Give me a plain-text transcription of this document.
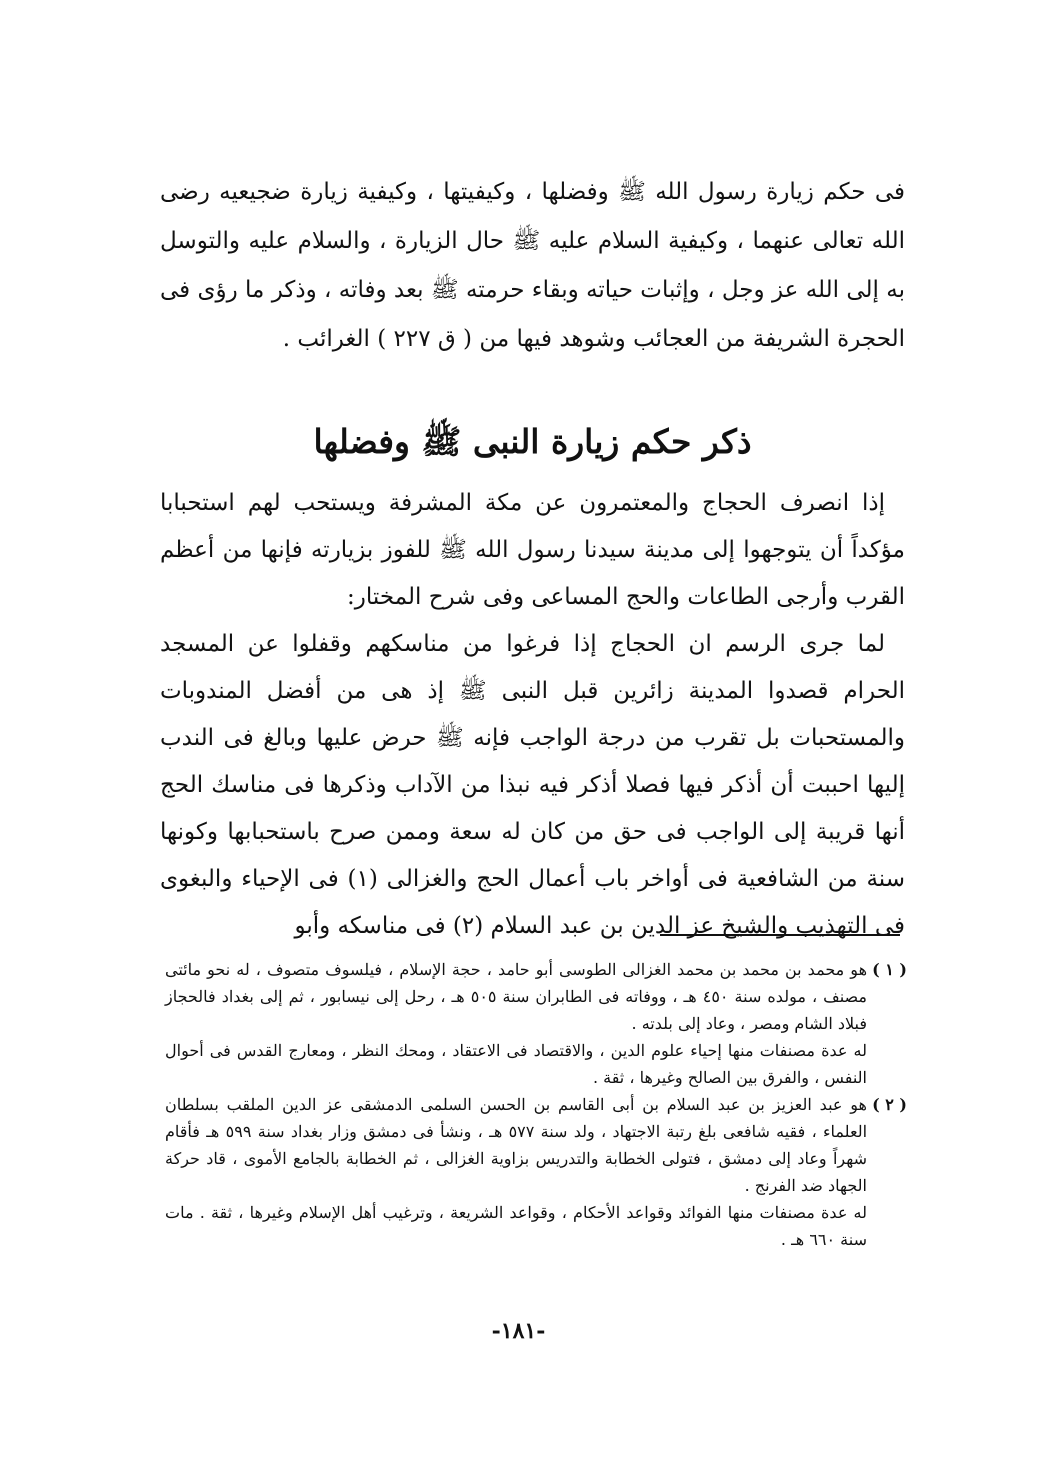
فى حكم زيارة رسول الله ﷺ وفضلها ، وكيفيتها ، وكيفية زيارة ضجيعيه رضى الله تعالى عنهما ، وكيفية السلام عليه ﷺ حال الزيارة ، والسلام عليه والتوسل به إلى الله عز وجل ، وإثبات حياته وبقاء حرمته ﷺ بعد وفاته ، وذكر ما رؤى فى الحجرة الشريفة من العجائب وشوهد فيها من ( ق ٢٢٧ ) الغرائب .
ذكر حكم زيارة النبى ﷺ وفضلها

إذا انصرف الحجاج والمعتمرون عن مكة المشرفة ويستحب لهم استحبابا مؤكداً أن يتوجهوا إلى مدينة سيدنا رسول الله ﷺ للفوز بزيارته فإنها من أعظم القرب وأرجى الطاعات والحج المساعى وفى شرح المختار:

لما جرى الرسم ان الحجاج إذا فرغوا من مناسكهم وقفلوا عن المسجد الحرام قصدوا المدينة زائرين قبل النبى ﷺ إذ هى من أفضل المندوبات والمستحبات بل تقرب من درجة الواجب فإنه ﷺ حرض عليها وبالغ فى الندب إليها احببت أن أذكر فيها فصلا أذكر فيه نبذا من الآداب وذكرها فى مناسك الحج أنها قريبة إلى الواجب فى حق من كان له سعة وممن صرح باستحبابها وكونها سنة من الشافعية فى أواخر باب أعمال الحج والغزالى (١) فى الإحياء والبغوى فى التهذيب والشيخ عز الدين بن عبد السلام (٢) فى مناسكه وأبو

( ١ )

هو محمد بن محمد بن محمد الغزالى الطوسى أبو حامد ، حجة الإسلام ، فيلسوف متصوف ، له نحو مائتى مصنف ، مولده سنة ٤٥٠ هـ ، ووفاته فى الطابران سنة ٥٠٥ هـ ، رحل إلى نيسابور ، ثم إلى بغداد فالحجاز فبلاد الشام ومصر ، وعاد إلى بلدته .

له عدة مصنفات منها إحياء علوم الدين ، والاقتصاد فى الاعتقاد ، ومحك النظر ، ومعارج القدس فى أحوال النفس ، والفرق بين الصالح وغيرها ، ثقة .

( ٢ )

هو عبد العزيز بن عبد السلام بن أبى القاسم بن الحسن السلمى الدمشقى عز الدين الملقب بسلطان العلماء ، فقيه شافعى بلغ رتبة الاجتهاد ، ولد سنة ٥٧٧ هـ ، ونشأ فى دمشق وزار بغداد سنة ٥٩٩ هـ فأقام شهراً وعاد إلى دمشق ، فتولى الخطابة والتدريس بزاوية الغزالى ، ثم الخطابة بالجامع الأموى ، قاد حركة الجهاد ضد الفرنج .

له عدة مصنفات منها الفوائد وقواعد الأحكام ، وقواعد الشريعة ، وترغيب أهل الإسلام وغيرها ، ثقة . مات سنة ٦٦٠ هـ .

-١٨١-
